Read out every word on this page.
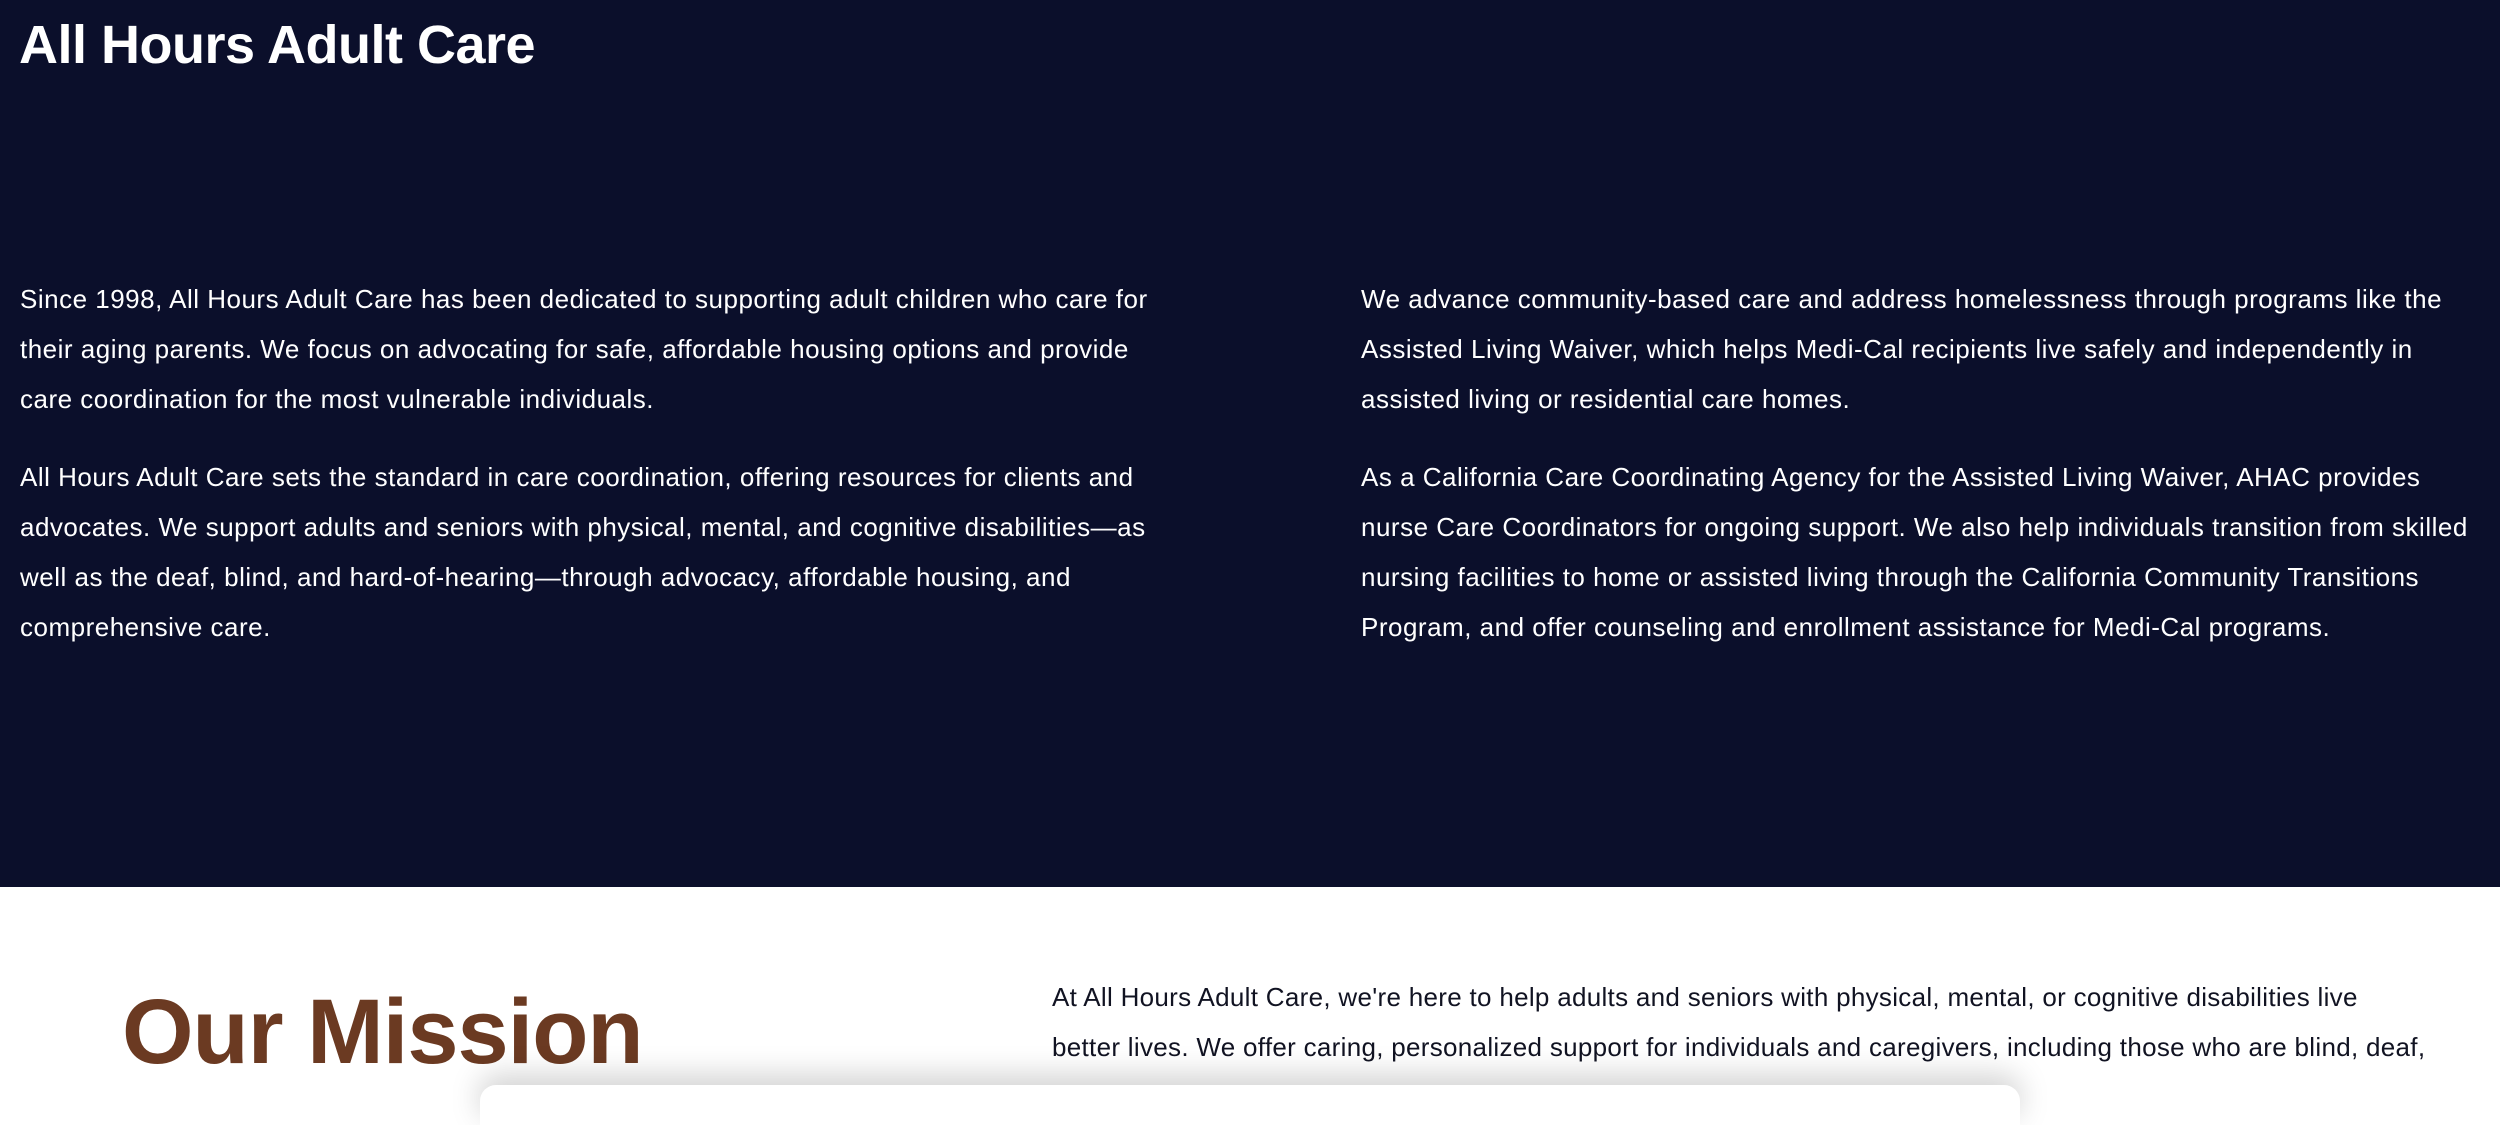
All Hours Adult Care

Since 1998, All Hours Adult Care has been dedicated to supporting adult children who care for their aging parents. We focus on advocating for safe, affordable housing options and provide care coordination for the most vulnerable individuals.

All Hours Adult Care sets the standard in care coordination, offering resources for clients and advocates. We support adults and seniors with physical, mental, and cognitive disabilities—as well as the deaf, blind, and hard-of-hearing—through advocacy, affordable housing, and comprehensive care.

We advance community-based care and address homelessness through programs like the Assisted Living Waiver, which helps Medi-Cal recipients live safely and independently in assisted living or residential care homes.

As a California Care Coordinating Agency for the Assisted Living Waiver, AHAC provides nurse Care Coordinators for ongoing support. We also help individuals transition from skilled nursing facilities to home or assisted living through the California Community Transitions Program, and offer counseling and enrollment assistance for Medi-Cal programs.

Our Mission	At All Hours Adult Care, we're here to help adults and seniors with physical, mental, or cognitive disabilities live better lives. We offer caring, personalized support for individuals and caregivers, including those who are blind, deaf,
